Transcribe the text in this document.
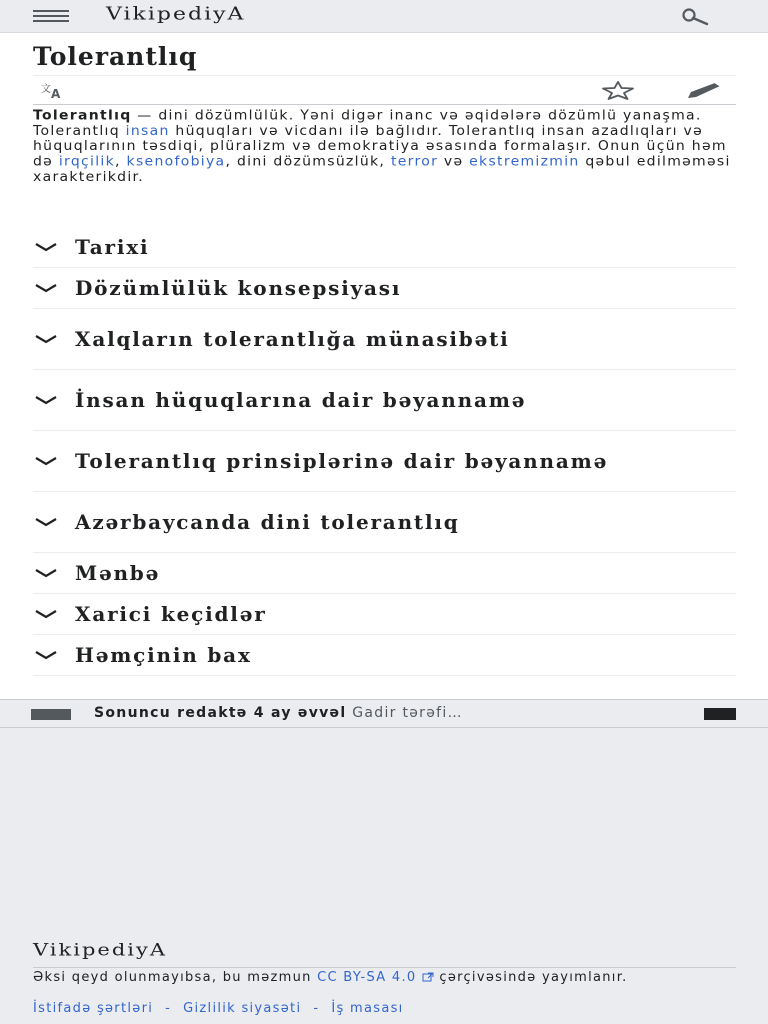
VikipediyA
Tolerantlıq
文 A

Tolerantlıq — dini dözümlülük. Yəni digər inanc və əqidələrə dözümlü yanaşma. Tolerantlıq insan hüquqları və vicdanı ilə bağlıdır. Tolerantlıq insan azadlıqları və hüquqlarının təsdiqi, plüralizm və demokratiya əsasında formalaşır. Onun üçün həm də irqçilik, ksenofobiya, dini dözümsüzlük, terror və ekstremizmin qəbul edilməməsi xarakterikdir.

Tarixi
Dözümlülük konsepsiyası
Xalqların tolerantlığa münasibəti
İnsan hüquqlarına dair bəyannamə
Tolerantlıq prinsiplərinə dair bəyannamə
Azərbaycanda dini tolerantlıq
Mənbə
Xarici keçidlər
Həmçinin bax
Sonuncu redaktə 4 ay əvvəl Gadir tərəfi…
VikipediyA

Əksi qeyd olunmayıbsa, bu məzmun CC BY-SA 4.0  çərçivəsində yayımlanır.

İstifadə şərtləri - Gizlilik siyasəti - İş masası
